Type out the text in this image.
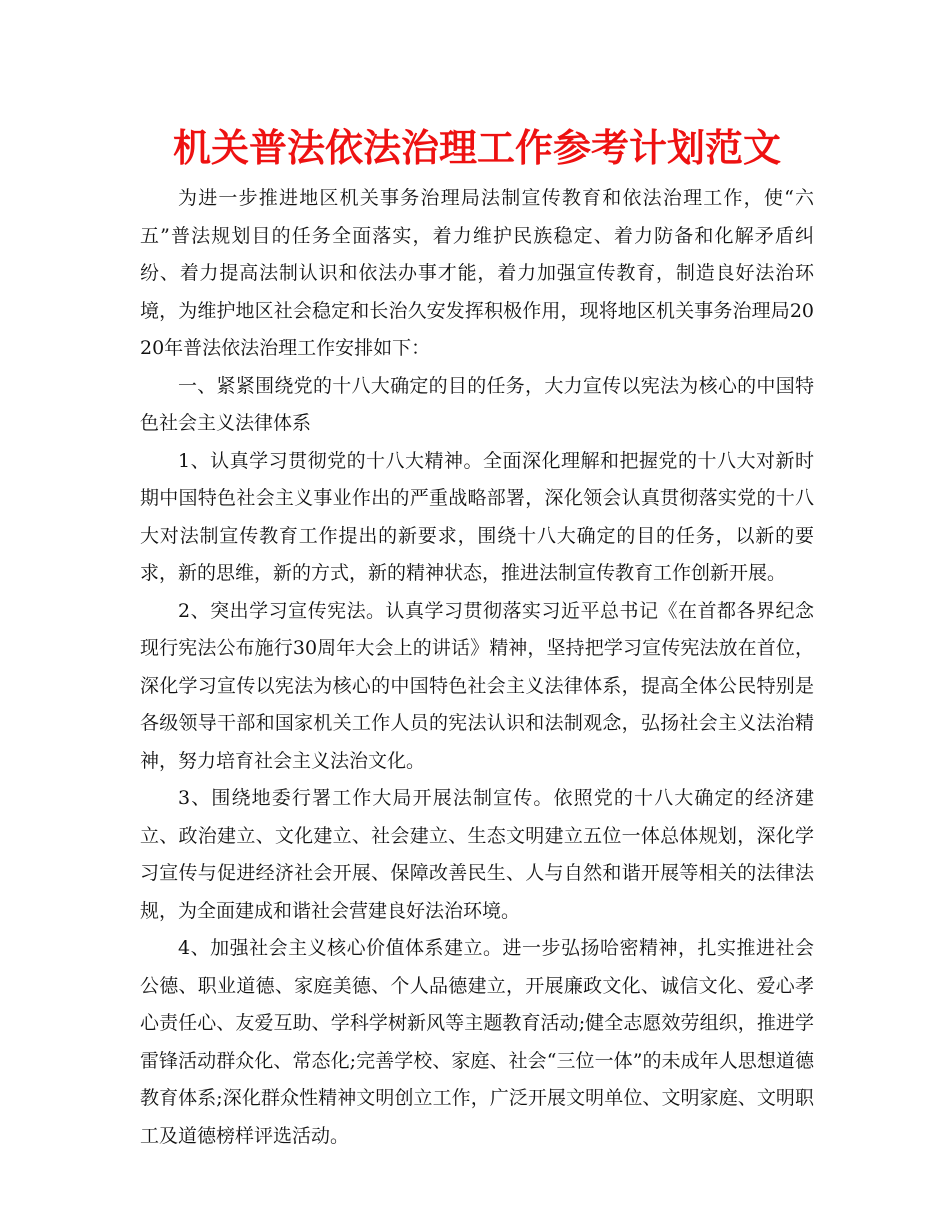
机关普法依法治理工作参考计划范文

为进一步推进地区机关事务治理局法制宣传教育和依法治理工作，使“六五”普法规划目的任务全面落实，着力维护民族稳定、着力防备和化解矛盾纠纷、着力提高法制认识和依法办事才能，着力加强宣传教育，制造良好法治环境，为维护地区社会稳定和长治久安发挥积极作用，现将地区机关事务治理局2020年普法依法治理工作安排如下：

一、紧紧围绕党的十八大确定的目的任务，大力宣传以宪法为核心的中国特色社会主义法律体系

1、认真学习贯彻党的十八大精神。全面深化理解和把握党的十八大对新时期中国特色社会主义事业作出的严重战略部署，深化领会认真贯彻落实党的十八大对法制宣传教育工作提出的新要求，围绕十八大确定的目的任务，以新的要求，新的思维，新的方式，新的精神状态，推进法制宣传教育工作创新开展。

2、突出学习宣传宪法。认真学习贯彻落实习近平总书记《在首都各界纪念现行宪法公布施行30周年大会上的讲话》精神，坚持把学习宣传宪法放在首位，深化学习宣传以宪法为核心的中国特色社会主义法律体系，提高全体公民特别是各级领导干部和国家机关工作人员的宪法认识和法制观念，弘扬社会主义法治精神，努力培育社会主义法治文化。

3、围绕地委行署工作大局开展法制宣传。依照党的十八大确定的经济建立、政治建立、文化建立、社会建立、生态文明建立五位一体总体规划，深化学习宣传与促进经济社会开展、保障改善民生、人与自然和谐开展等相关的法律法规，为全面建成和谐社会营建良好法治环境。

4、加强社会主义核心价值体系建立。进一步弘扬哈密精神，扎实推进社会公德、职业道德、家庭美德、个人品德建立，开展廉政文化、诚信文化、爱心孝心责任心、友爱互助、学科学树新风等主题教育活动;健全志愿效劳组织，推进学雷锋活动群众化、常态化;完善学校、家庭、社会“三位一体”的未成年人思想道德教育体系;深化群众性精神文明创立工作，广泛开展文明单位、文明家庭、文明职工及道德榜样评选活动。
